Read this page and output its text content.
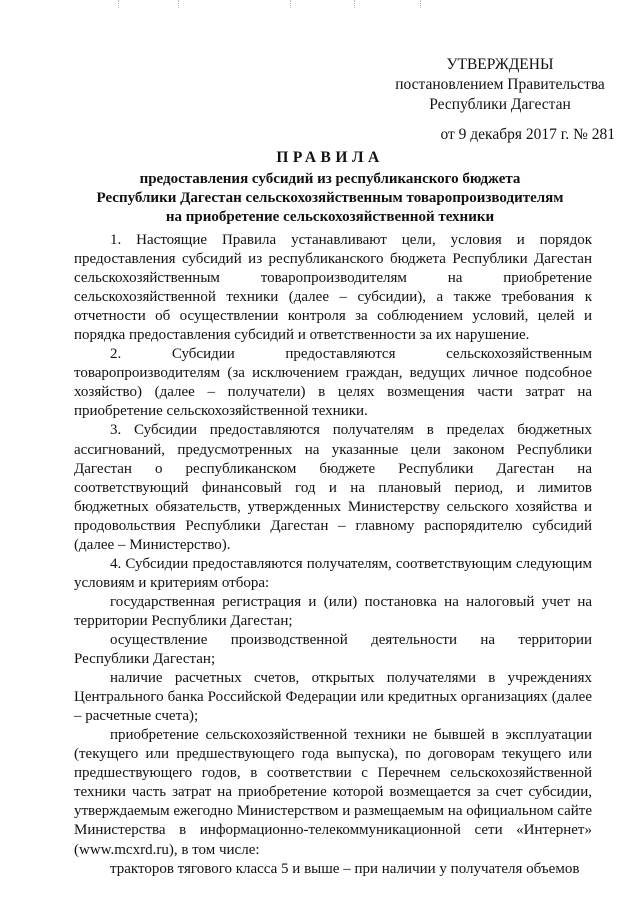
УТВЕРЖДЕНЫ
постановлением Правительства
Республики Дагестан
от 9 декабря 2017 г. № 281
ПРАВИЛА
предоставления субсидий из республиканского бюджета
Республики Дагестан сельскохозяйственным товаропроизводителям
на приобретение сельскохозяйственной техники

1. Настоящие Правила устанавливают цели, условия и порядок предоставления субсидий из республиканского бюджета Республики Дагестан сельскохозяйственным товаропроизводителям на приобретение сельскохозяйственной техники (далее – субсидии), а также требования к отчетности об осуществлении контроля за соблюдением условий, целей и порядка предоставления субсидий и ответственности за их нарушение.

2. Субсидии предоставляются сельскохозяйственным товаропроизводителям (за исключением граждан, ведущих личное подсобное хозяйство) (далее – получатели) в целях возмещения части затрат на приобретение сельскохозяйственной техники.

3. Субсидии предоставляются получателям в пределах бюджетных ассигнований, предусмотренных на указанные цели законом Республики Дагестан о республиканском бюджете Республики Дагестан на соответствующий финансовый год и на плановый период, и лимитов бюджетных обязательств, утвержденных Министерству сельского хозяйства и продовольствия Республики Дагестан – главному распорядителю субсидий (далее – Министерство).

4. Субсидии предоставляются получателям, соответствующим следующим условиям и критериям отбора:

государственная регистрация и (или) постановка на налоговый учет на территории Республики Дагестан;

осуществление производственной деятельности на территории Республики Дагестан;

наличие расчетных счетов, открытых получателями в учреждениях Центрального банка Российской Федерации или кредитных организациях (далее – расчетные счета);

приобретение сельскохозяйственной техники не бывшей в эксплуатации (текущего или предшествующего года выпуска), по договорам текущего или предшествующего годов, в соответствии с Перечнем сельскохозяйственной техники часть затрат на приобретение которой возмещается за счет субсидии, утверждаемым ежегодно Министерством и размещаемым на официальном сайте Министерства в информационно-телекоммуникационной сети «Интернет» (www.mcxrd.ru), в том числе:

тракторов тягового класса 5 и выше – при наличии у получателя объемов
